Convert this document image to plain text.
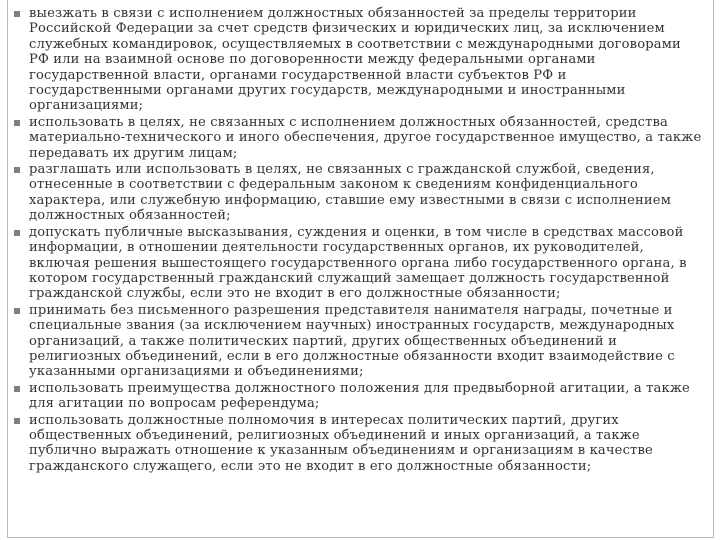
выезжать в связи с исполнением должностных обязанностей за пределы территории
Российской Федерации за счет средств физических и юридических лиц, за исключением
служебных командировок, осуществляемых в соответствии с международными договорами
РФ или на взаимной основе по договоренности между федеральными органами
государственной власти, органами государственной власти субъектов РФ и
государственными органами других государств, международными и иностранными
организациями;
использовать в целях, не связанных с исполнением должностных обязанностей, средства
материально-технического и иного обеспечения, другое государственное имущество, а также
передавать их другим лицам;
разглашать или использовать в целях, не связанных с гражданской службой, сведения,
отнесенные в соответствии с федеральным законом к сведениям конфиденциального
характера, или служебную информацию, ставшие ему известными в связи с исполнением
должностных обязанностей;
допускать публичные высказывания, суждения и оценки, в том числе в средствах массовой
информации, в отношении деятельности государственных органов, их руководителей,
включая решения вышестоящего государственного органа либо государственного органа, в
котором государственный гражданский служащий замещает должность государственной
гражданской службы, если это не входит в его должностные обязанности;
принимать без письменного разрешения представителя нанимателя награды, почетные и
специальные звания (за исключением научных) иностранных государств, международных
организаций, а также политических партий, других общественных объединений и
религиозных объединений, если в его должностные обязанности входит взаимодействие с
указанными организациями и объединениями;
использовать преимущества должностного положения для предвыборной агитации, а также
для агитации по вопросам референдума;
использовать должностные полномочия в интересах политических партий, других
общественных объединений, религиозных объединений и иных организаций, а также
публично выражать отношение к указанным объединениям и организациям в качестве
гражданского служащего, если это не входит в его должностные обязанности;
